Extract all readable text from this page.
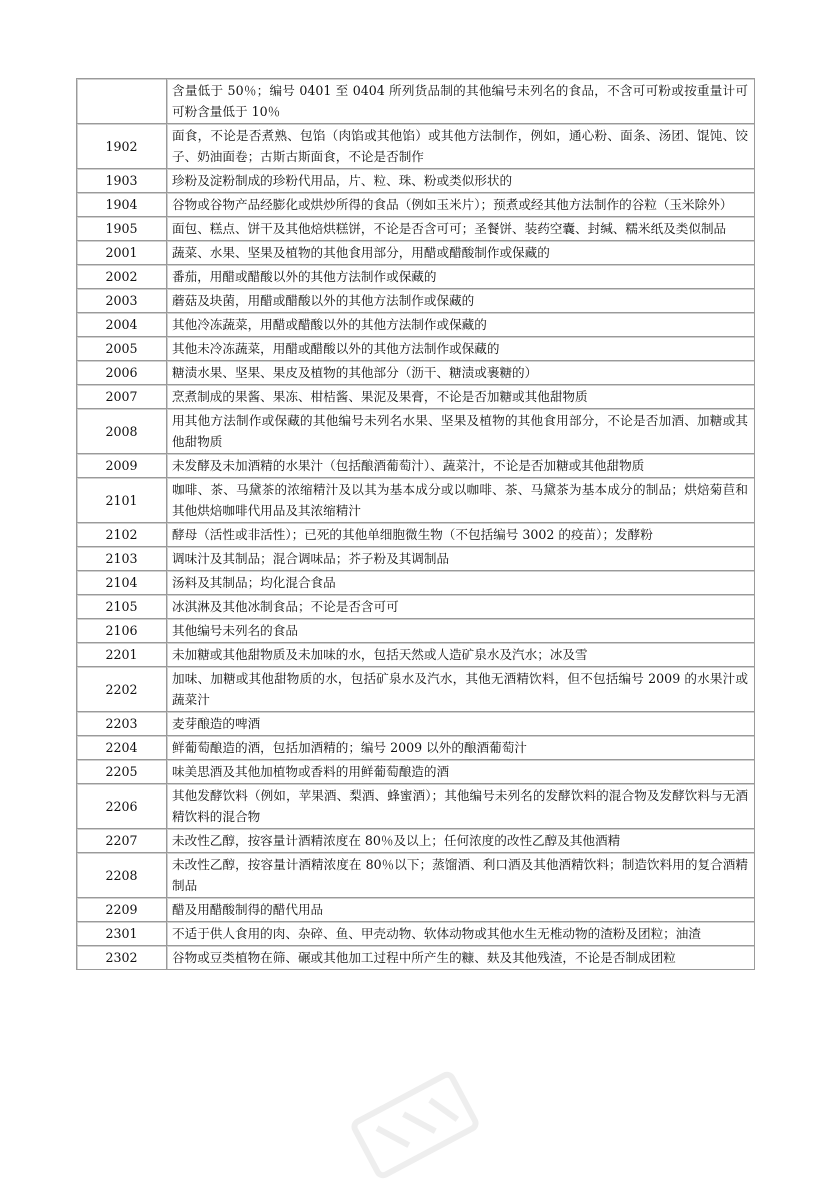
	含量低于 50％；编号 0401 至 0404 所列货品制的其他编号未列名的食品，不含可可粉或按重量计可可粉含量低于 10％
1902	面食，不论是否煮熟、包馅（肉馅或其他馅）或其他方法制作，例如，通心粉、面条、汤团、馄饨、饺子、奶油面卷；古斯古斯面食，不论是否制作
1903	珍粉及淀粉制成的珍粉代用品，片、粒、珠、粉或类似形状的
1904	谷物或谷物产品经膨化或烘炒所得的食品（例如玉米片）；预煮或经其他方法制作的谷粒（玉米除外）
1905	面包、糕点、饼干及其他焙烘糕饼，不论是否含可可；圣餐饼、装药空囊、封缄、糯米纸及类似制品
2001	蔬菜、水果、坚果及植物的其他食用部分，用醋或醋酸制作或保藏的
2002	番茄，用醋或醋酸以外的其他方法制作或保藏的
2003	蘑菇及块菌，用醋或醋酸以外的其他方法制作或保藏的
2004	其他冷冻蔬菜，用醋或醋酸以外的其他方法制作或保藏的
2005	其他未冷冻蔬菜，用醋或醋酸以外的其他方法制作或保藏的
2006	糖渍水果、坚果、果皮及植物的其他部分（沥干、糖渍或裹糖的）
2007	烹煮制成的果酱、果冻、柑桔酱、果泥及果膏，不论是否加糖或其他甜物质
2008	用其他方法制作或保藏的其他编号未列名水果、坚果及植物的其他食用部分，不论是否加酒、加糖或其他甜物质
2009	未发酵及未加酒精的水果汁（包括酿酒葡萄汁）、蔬菜汁，不论是否加糖或其他甜物质
2101	咖啡、茶、马黛茶的浓缩精汁及以其为基本成分或以咖啡、茶、马黛茶为基本成分的制品；烘焙菊苣和其他烘焙咖啡代用品及其浓缩精汁
2102	酵母（活性或非活性）；已死的其他单细胞微生物（不包括编号 3002 的疫苗）；发酵粉
2103	调味汁及其制品；混合调味品；芥子粉及其调制品
2104	汤料及其制品；均化混合食品
2105	冰淇淋及其他冰制食品；不论是否含可可
2106	其他编号未列名的食品
2201	未加糖或其他甜物质及未加味的水，包括天然或人造矿泉水及汽水；冰及雪
2202	加味、加糖或其他甜物质的水，包括矿泉水及汽水，其他无酒精饮料，但不包括编号 2009 的水果汁或蔬菜汁
2203	麦芽酿造的啤酒
2204	鲜葡萄酿造的酒，包括加酒精的；编号 2009 以外的酿酒葡萄汁
2205	味美思酒及其他加植物或香料的用鲜葡萄酿造的酒
2206	其他发酵饮料（例如，苹果酒、梨酒、蜂蜜酒）；其他编号未列名的发酵饮料的混合物及发酵饮料与无酒精饮料的混合物
2207	未改性乙醇，按容量计酒精浓度在 80％及以上；任何浓度的改性乙醇及其他酒精
2208	未改性乙醇，按容量计酒精浓度在 80％以下；蒸馏酒、利口酒及其他酒精饮料；制造饮料用的复合酒精制品
2209	醋及用醋酸制得的醋代用品
2301	不适于供人食用的肉、杂碎、鱼、甲壳动物、软体动物或其他水生无椎动物的渣粉及团粒；油渣
2302	谷物或豆类植物在筛、碾或其他加工过程中所产生的糠、麸及其他残渣，不论是否制成团粒
